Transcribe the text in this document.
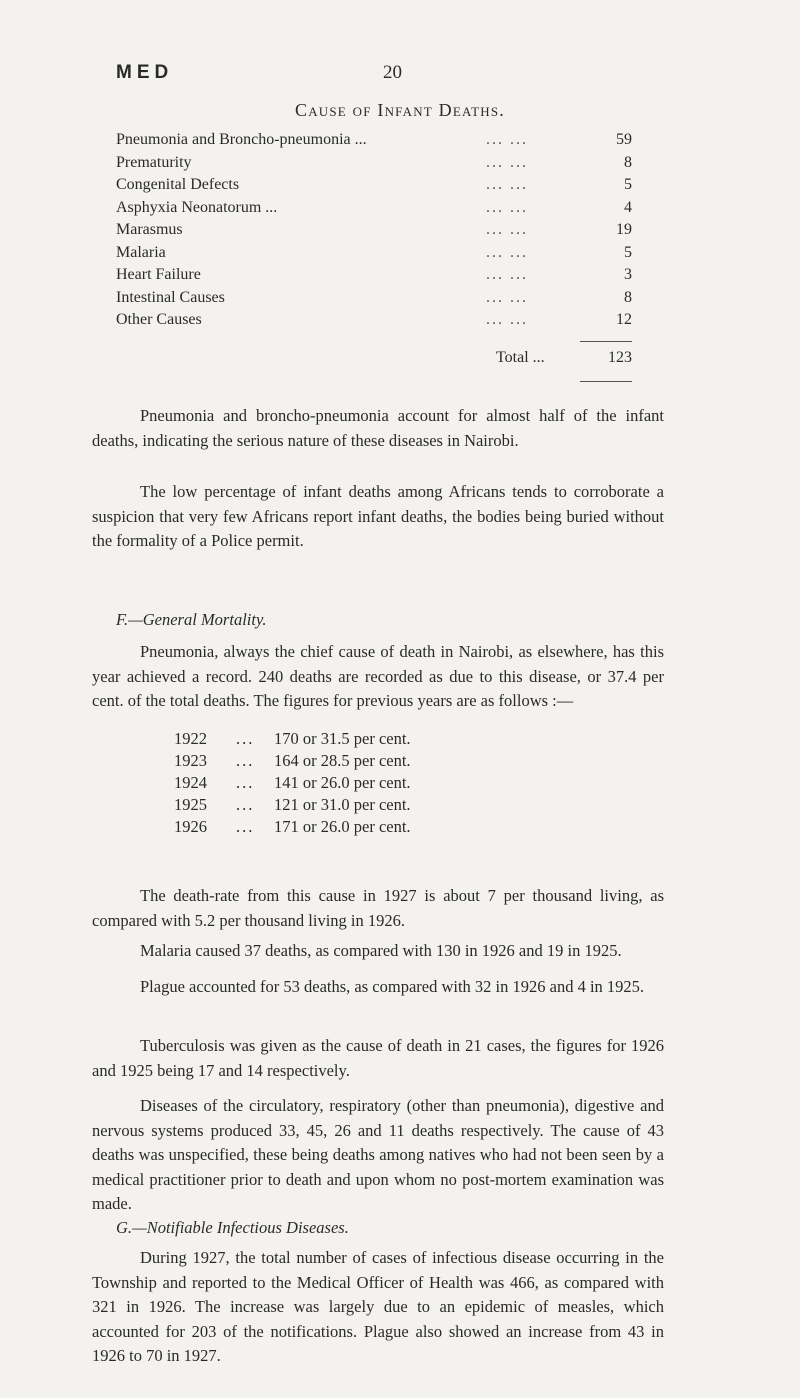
MED	20
Cause of Infant Deaths.
Pneumonia and Broncho-pneumonia ...	... ...	59
Prematurity	... ...	8
Congenital Defects	... ...	5
Asphyxia Neonatorum ...	... ...	4
Marasmus	... ...	19
Malaria	... ...	5
Heart Failure	... ...	3
Intestinal Causes	... ...	8
Other Causes	... ...	12
Total ...	123

Pneumonia and broncho-pneumonia account for almost half of the infant deaths, indicating the serious nature of these diseases in Nairobi.

The low percentage of infant deaths among Africans tends to corroborate a suspicion that very few Africans report infant deaths, the bodies being buried without the formality of a Police permit.

F.—General Mortality.

Pneumonia, always the chief cause of death in Nairobi, as elsewhere, has this year achieved a record. 240 deaths are recorded as due to this disease, or 37.4 per cent. of the total deaths. The figures for previous years are as follows :—

1922 ... 170 or 31.5 per cent.
1923 ... 164 or 28.5 per cent.
1924 ... 141 or 26.0 per cent.
1925 ... 121 or 31.0 per cent.
1926 ... 171 or 26.0 per cent.

The death-rate from this cause in 1927 is about 7 per thousand living, as compared with 5.2 per thousand living in 1926.

Malaria caused 37 deaths, as compared with 130 in 1926 and 19 in 1925.

Plague accounted for 53 deaths, as compared with 32 in 1926 and 4 in 1925.

Tuberculosis was given as the cause of death in 21 cases, the figures for 1926 and 1925 being 17 and 14 respectively.

Diseases of the circulatory, respiratory (other than pneumonia), digestive and nervous systems produced 33, 45, 26 and 11 deaths respectively. The cause of 43 deaths was unspecified, these being deaths among natives who had not been seen by a medical practitioner prior to death and upon whom no post-mortem examination was made.

G.—Notifiable Infectious Diseases.

During 1927, the total number of cases of infectious disease occurring in the Township and reported to the Medical Officer of Health was 466, as compared with 321 in 1926. The increase was largely due to an epidemic of measles, which accounted for 203 of the notifications. Plague also showed an increase from 43 in 1926 to 70 in 1927.
